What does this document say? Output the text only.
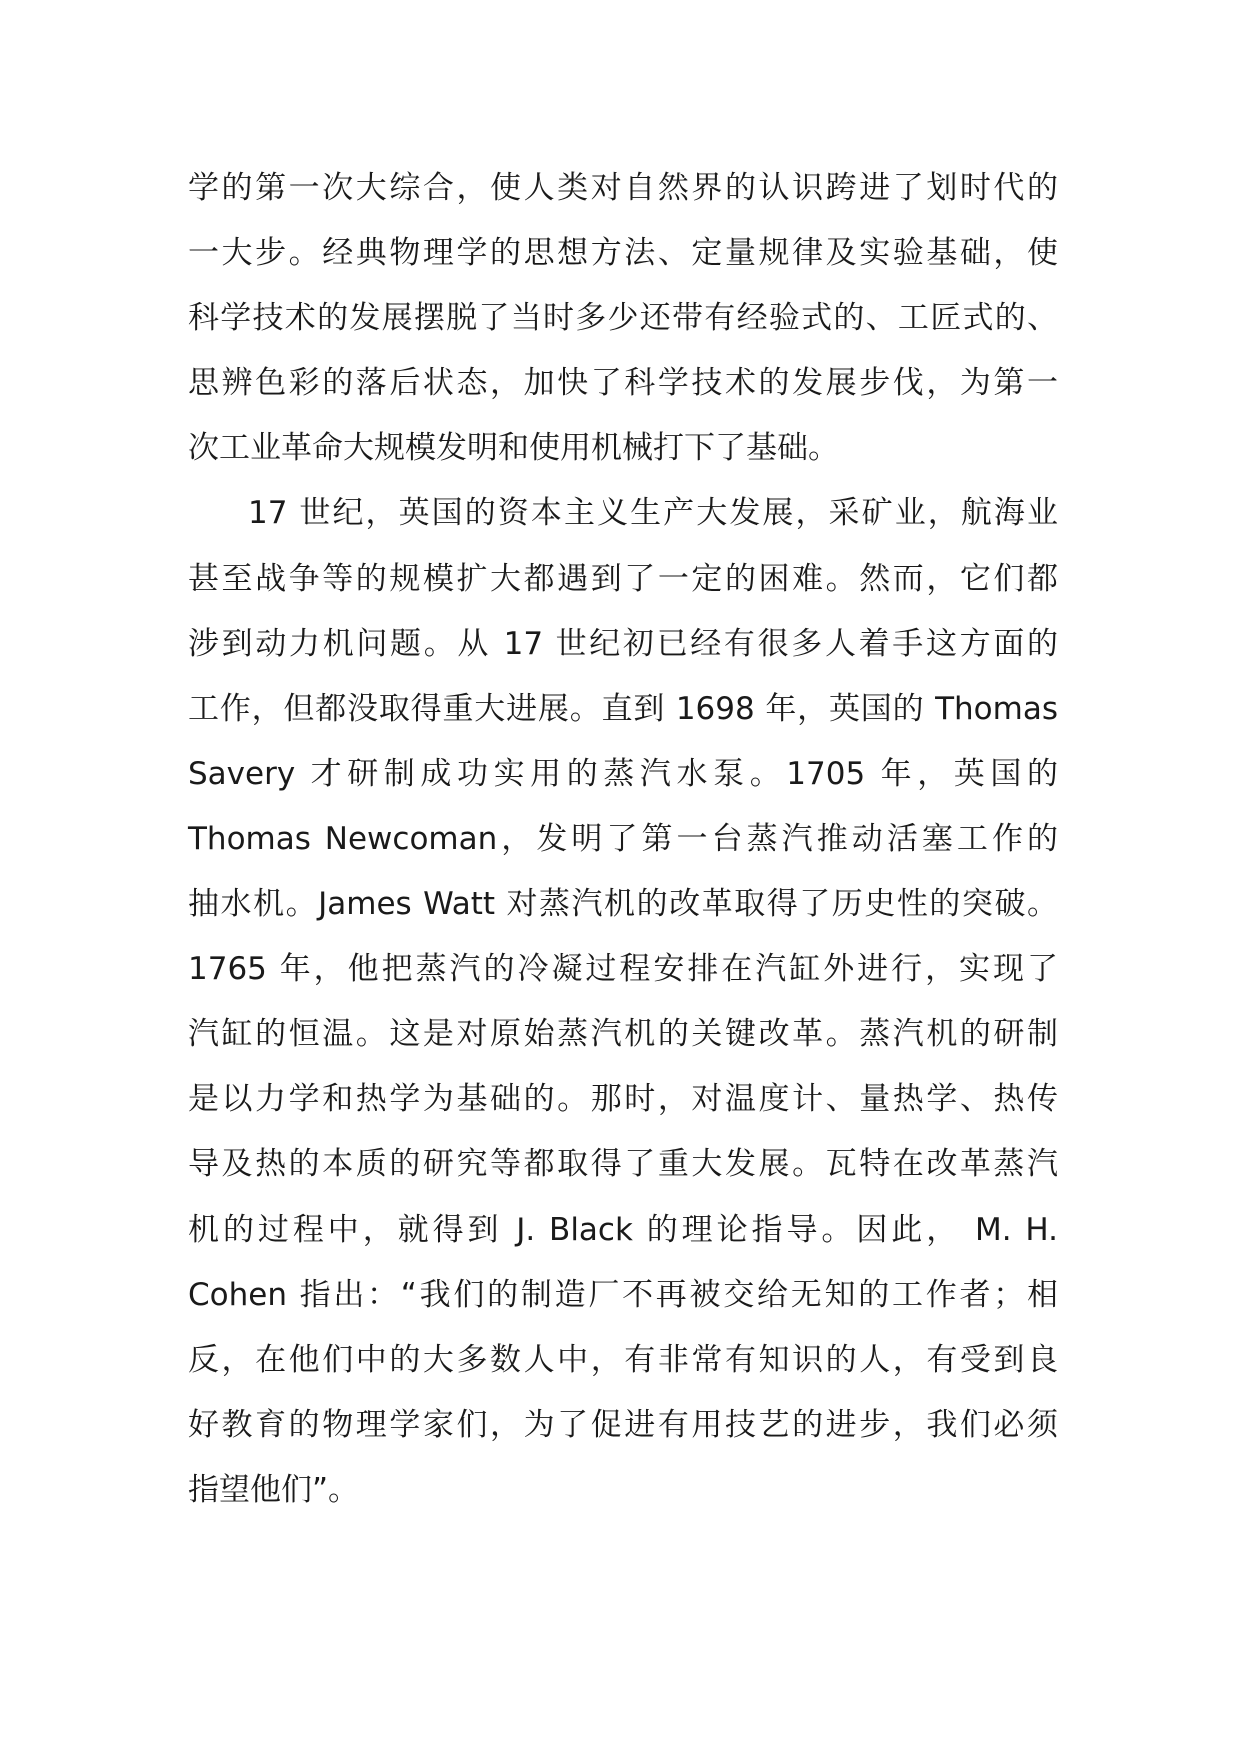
学的第一次大综合，使人类对自然界的认识跨进了划时代的
一大步。经典物理学的思想方法、定量规律及实验基础，使
科学技术的发展摆脱了当时多少还带有经验式的、工匠式的、
思辨色彩的落后状态，加快了科学技术的发展步伐，为第一
次工业革命大规模发明和使用机械打下了基础。
17 世纪，英国的资本主义生产大发展，采矿业，航海业
甚至战争等的规模扩大都遇到了一定的困难。然而，它们都
涉到动力机问题。从 17 世纪初已经有很多人着手这方面的
工作，但都没取得重大进展。直到 1698 年，英国的 Thomas
Savery 才研制成功实用的蒸汽水泵。1705 年，英国的
Thomas Newcoman，发明了第一台蒸汽推动活塞工作的
抽水机。James Watt 对蒸汽机的改革取得了历史性的突破。
1765 年，他把蒸汽的冷凝过程安排在汽缸外进行，实现了
汽缸的恒温。这是对原始蒸汽机的关键改革。蒸汽机的研制
是以力学和热学为基础的。那时，对温度计、量热学、热传
导及热的本质的研究等都取得了重大发展。瓦特在改革蒸汽
机的过程中，就得到 J. Black 的理论指导。因此， M. H.
Cohen 指出：“我们的制造厂不再被交给无知的工作者；相
反，在他们中的大多数人中，有非常有知识的人，有受到良
好教育的物理学家们，为了促进有用技艺的进步，我们必须
指望他们”。
